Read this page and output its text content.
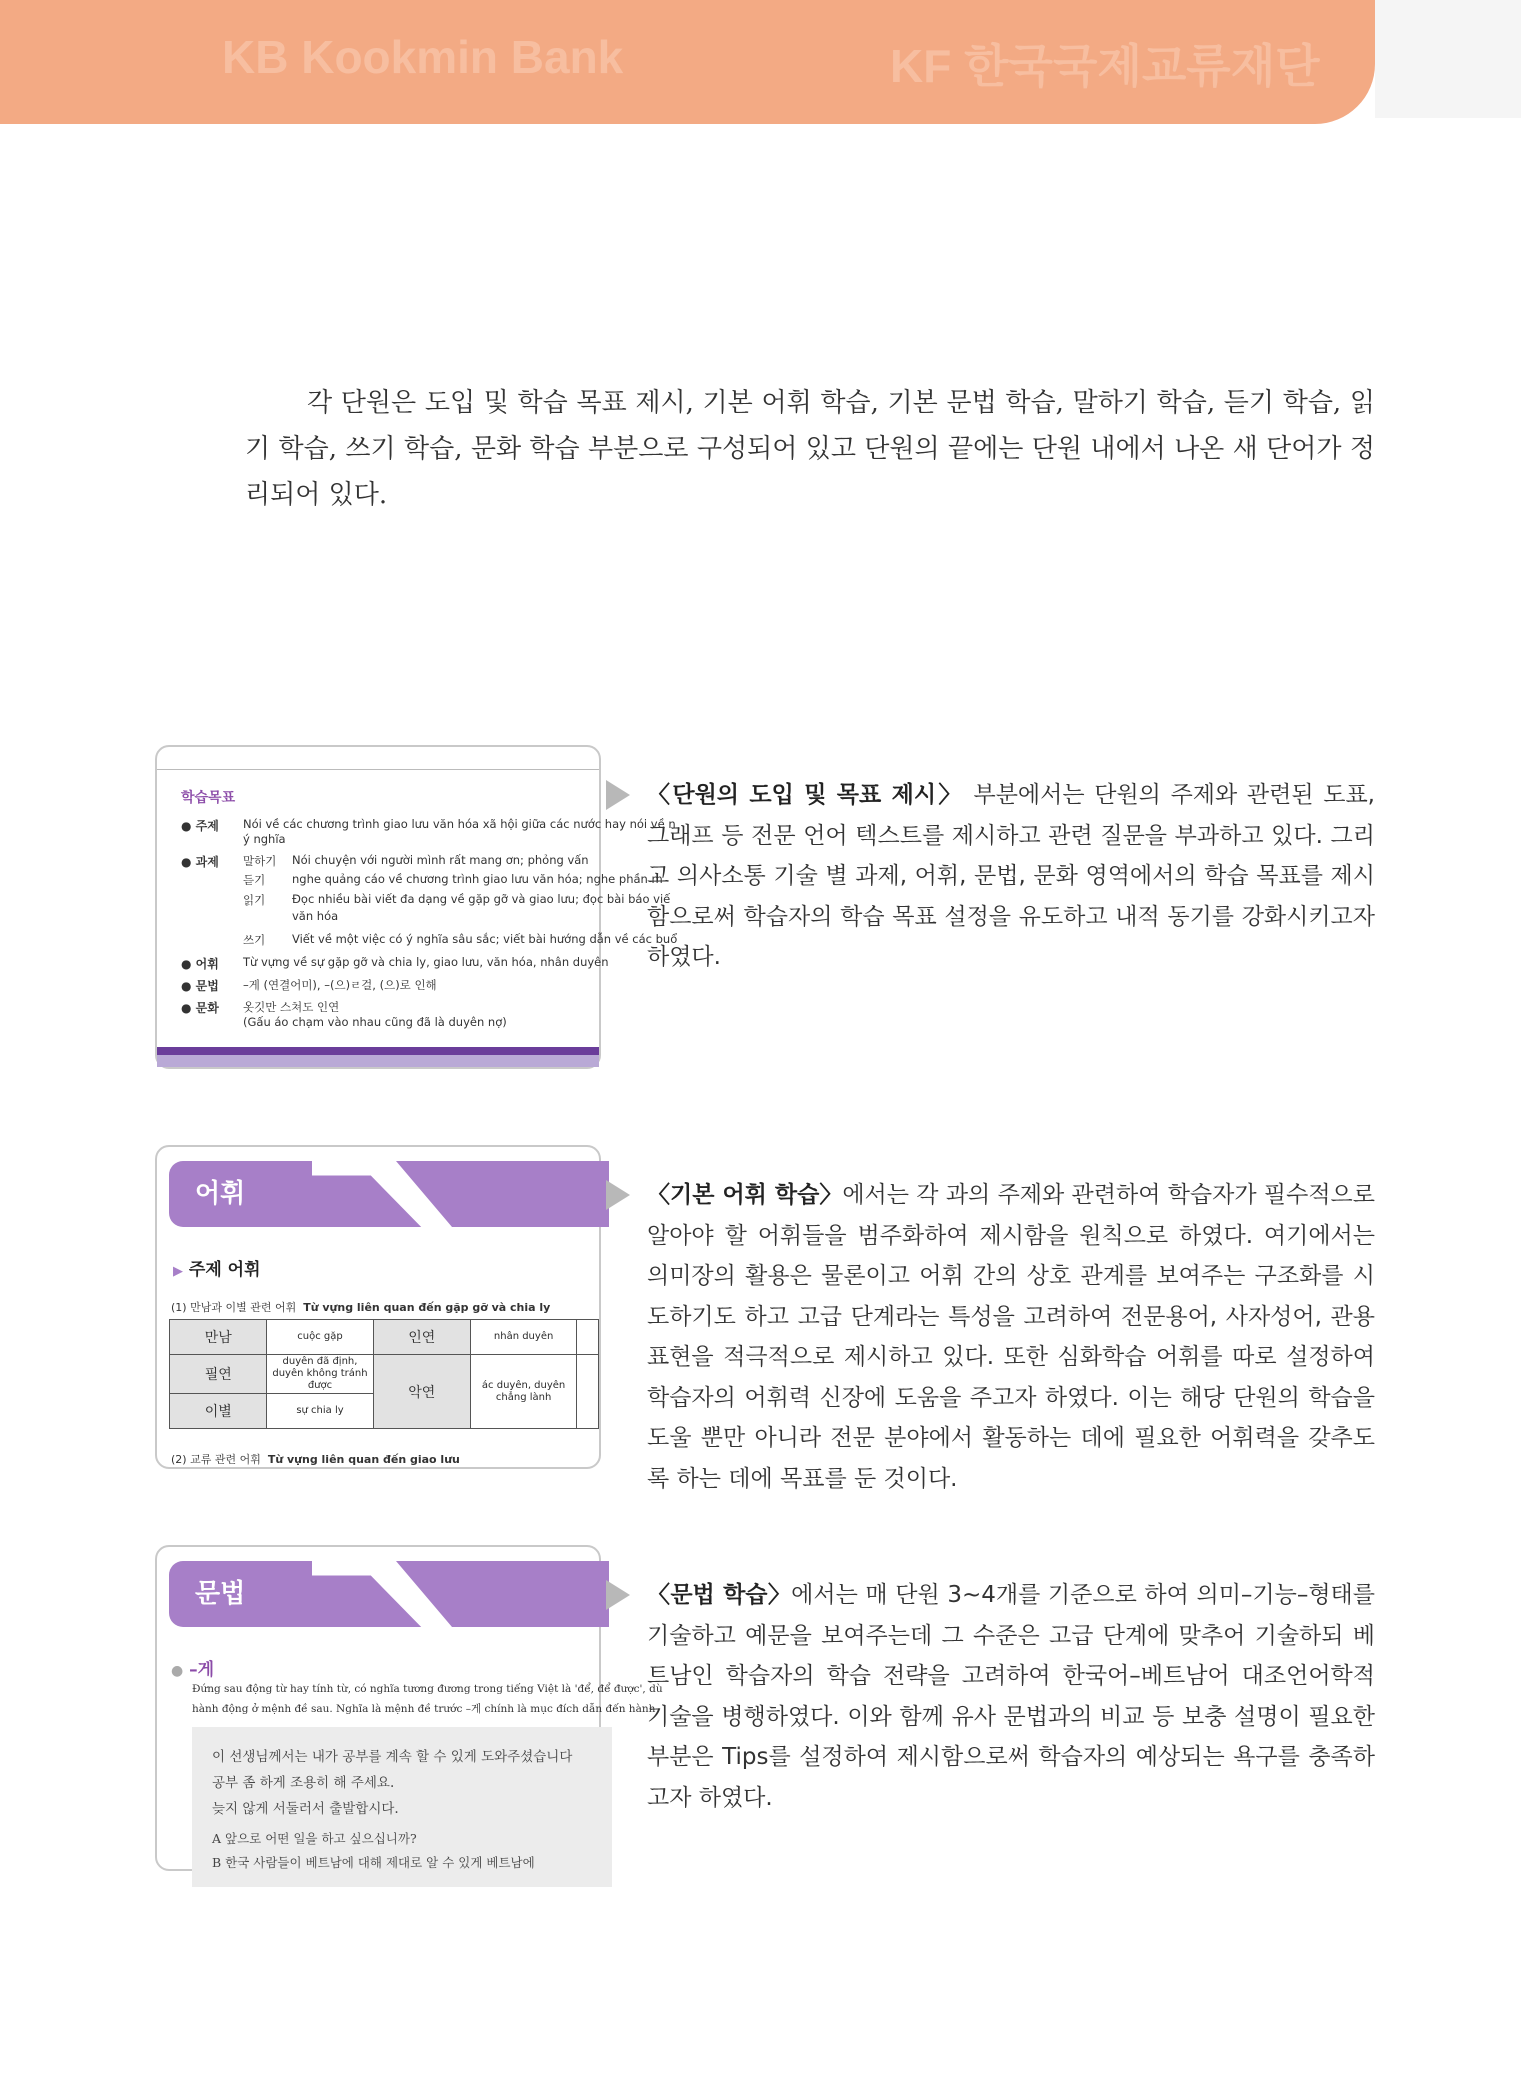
KB Kookmin Bank	KF 한국국제교류재단

각 단원은 도입 및 학습 목표 제시, 기본 어휘 학습, 기본 문법 학습, 말하기 학습, 듣기 학습, 읽기 학습, 쓰기 학습, 문화 학습 부분으로 구성되어 있고 단원의 끝에는 단원 내에서 나온 새 단어가 정리되어 있다.

학습목표
● 주제 Nói về các chương trình giao lưu văn hóa xã hội giữa các nước hay nói về n
ý nghĩa
● 과제 말하기 Nói chuyện với người mình rất mang ơn; phỏng vấn
듣기 nghe quảng cáo về chương trình giao lưu văn hóa; nghe phần m
읽기 Đọc nhiều bài viết đa dạng về gặp gỡ và giao lưu; đọc bài báo viế
văn hóa
쓰기 Viết về một việc có ý nghĩa sâu sắc; viết bài hướng dẫn về các buổ
● 어휘 Từ vựng về sự gặp gỡ và chia ly, giao lưu, văn hóa, nhân duyên
● 문법 –게 (연결어미), –(으)ㄹ걸, (으)로 인해
● 문화 옷깃만 스쳐도 인연
(Gấu áo chạm vào nhau cũng đã là duyên nợ)

〈단원의 도입 및 목표 제시〉 부분에서는 단원의 주제와 관련된 도표, 그래프 등 전문 언어 텍스트를 제시하고 관련 질문을 부과하고 있다. 그리고 의사소통 기술 별 과제, 어휘, 문법, 문화 영역에서의 학습 목표를 제시함으로써 학습자의 학습 목표 설정을 유도하고 내적 동기를 강화시키고자 하였다.

어휘
▶ 주제 어휘
(1) 만남과 이별 관련 어휘 Từ vựng liên quan đến gặp gỡ và chia ly
만남	cuộc gặp	인연	nhân duyên	
필연	duyên đã định, duyên không tránh được	악연	ác duyên, duyên chẳng lành	
이별	sự chia ly			
(2) 교류 관련 어휘 Từ vựng liên quan đến giao lưu

〈기본 어휘 학습〉에서는 각 과의 주제와 관련하여 학습자가 필수적으로 알아야 할 어휘들을 범주화하여 제시함을 원칙으로 하였다. 여기에서는 의미장의 활용은 물론이고 어휘 간의 상호 관계를 보여주는 구조화를 시도하기도 하고 고급 단계라는 특성을 고려하여 전문용어, 사자성어, 관용표현을 적극적으로 제시하고 있다. 또한 심화학습 어휘를 따로 설정하여 학습자의 어휘력 신장에 도움을 주고자 하였다. 이는 해당 단원의 학습을 도울 뿐만 아니라 전문 분야에서 활동하는 데에 필요한 어휘력을 갖추도록 하는 데에 목표를 둔 것이다.

문법
● –게
Đứng sau động từ hay tính từ, có nghĩa tương đương trong tiếng Việt là 'để, để được', dù
hành động ở mệnh đề sau. Nghĩa là mệnh đề trước –게 chính là mục đích dẫn đến hành
이 선생님께서는 내가 공부를 계속 할 수 있게 도와주셨습니다
공부 좀 하게 조용히 해 주세요.
늦지 않게 서둘러서 출발합시다.
A 앞으로 어떤 일을 하고 싶으십니까?
B 한국 사람들이 베트남에 대해 제대로 알 수 있게 베트남에

〈문법 학습〉에서는 매 단원 3~4개를 기준으로 하여 의미–기능–형태를 기술하고 예문을 보여주는데 그 수준은 고급 단계에 맞추어 기술하되 베트남인 학습자의 학습 전략을 고려하여 한국어–베트남어 대조언어학적 기술을 병행하였다. 이와 함께 유사 문법과의 비교 등 보충 설명이 필요한 부분은 Tips를 설정하여 제시함으로써 학습자의 예상되는 욕구를 충족하고자 하였다.
